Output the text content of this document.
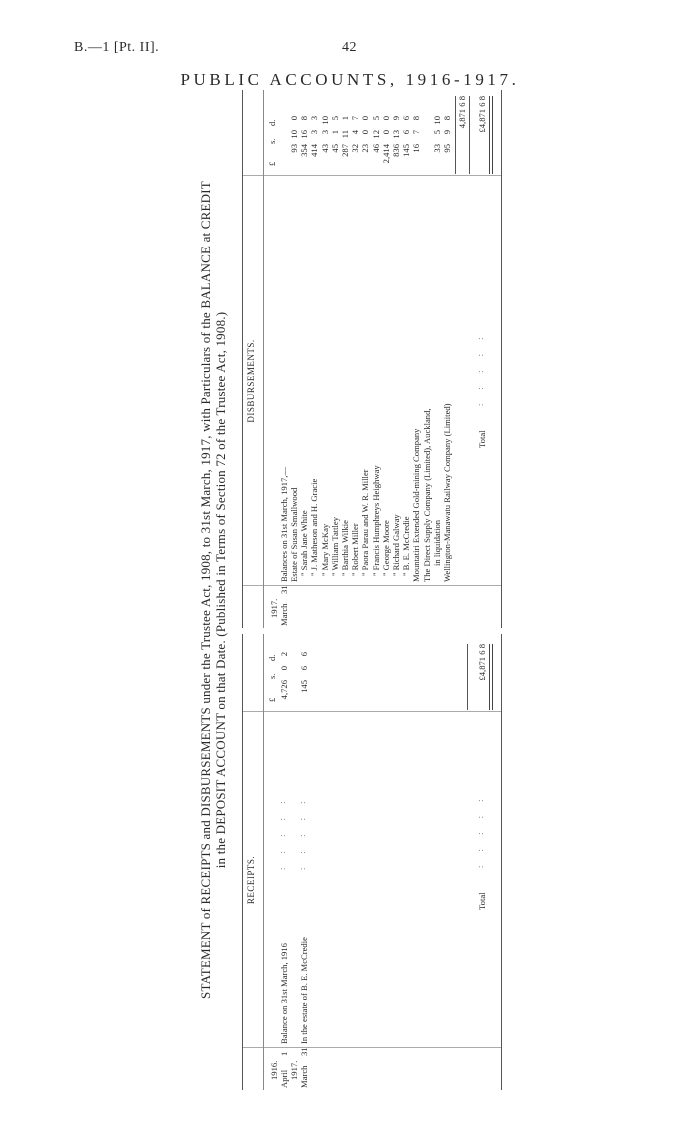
B.—1 [Pt. II].	42
PUBLIC ACCOUNTS, 1916-1917.
STATEMENT of RECEIPTS and DISBURSEMENTS under the Trustee Act, 1908, to 31st March, 1917, with Particulars of the BALANCE at CREDIT in the DEPOSIT ACCOUNT on that Date. (Published in Terms of Section 72 of the Trustee Act, 1908.)
RECEIPTS.
£
s.
d.
1916. April
1
Balance on 31st March, 1916
: : : : :
4,726
0
2
1917. March
31
In the estate of B. E. McCredie
: : : : :
145
6
6
Total
: : : : :
£4,871 6 8
DISBURSEMENTS.
£
s.
d.
1917. March
31
Balances on 31st March, 1917,— Estate of Susan Smallwood
93
10
0
" Sarah Jane White
354
16
8
" J. Matheson and H. Gracie
414
3
3
" Mary McKay
43
3
10
" William Tattley
45
1
5
" Barthia Wilkie
287
11
1
" Robert Miller
32
4
7
" Paora Parau and W. R. Miller
23
0
0
" Francis Humphreys Heighway
46
12
5
" George Moore
2,414
0
0
" Richard Galway
836
13
9
" B. E. McCredie
145
6
6
Mountatiri Extended Gold-mining Company
16
7
8
The Direct Supply Company (Limited), Auckland, in liquidation
33
5
10
Wellington-Manawatu Railway Company (Limited)
95
9
8 4,871 6 8
Total
: : : : :
£4,871 6 8
